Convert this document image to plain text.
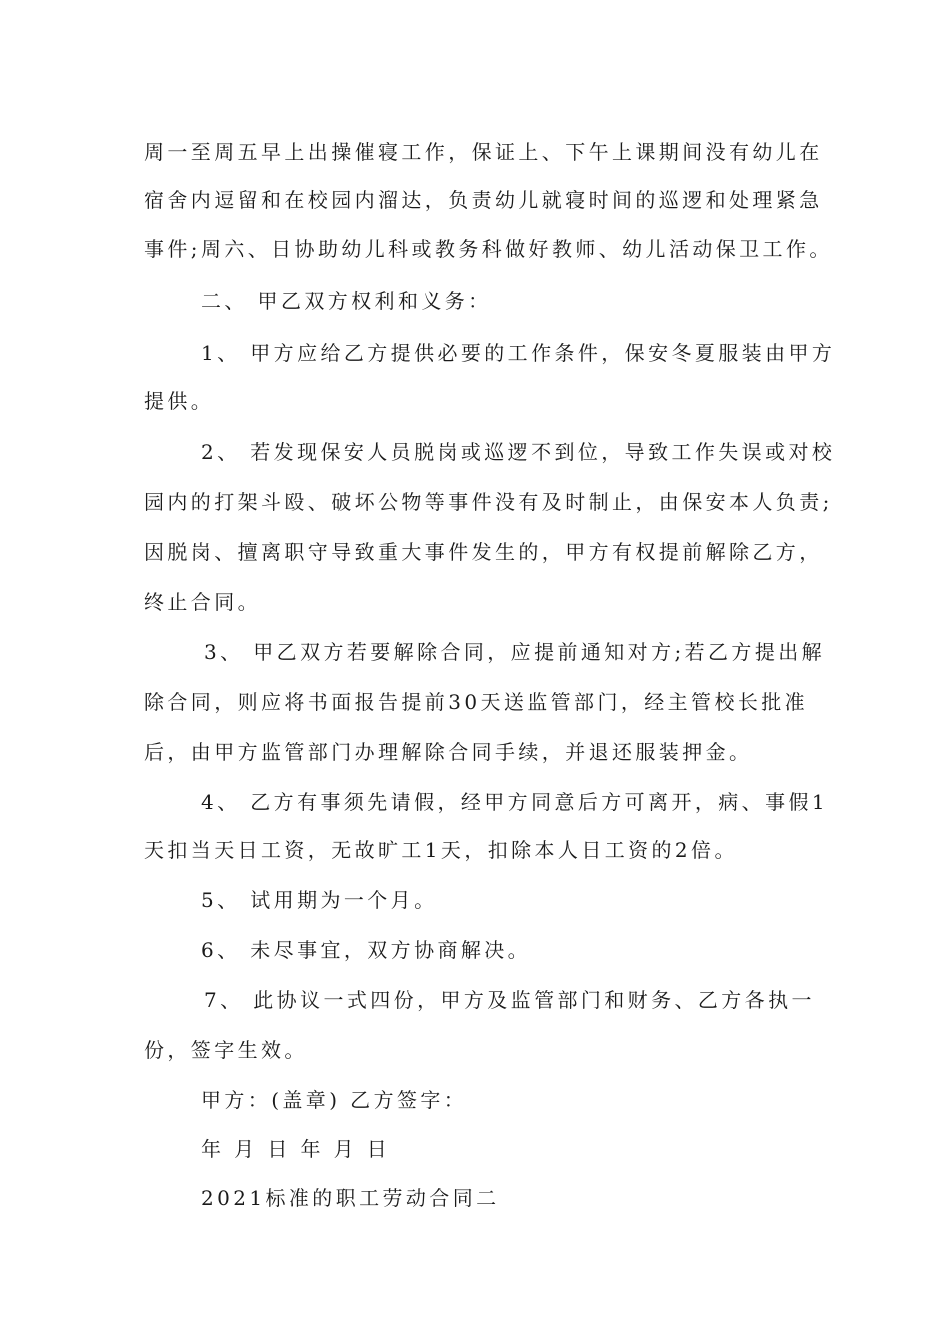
周一至周五早上出操催寝工作，保证上、下午上课期间没有幼儿在
宿舍内逗留和在校园内溜达，负责幼儿就寝时间的巡逻和处理紧急
事件;周六、日协助幼儿科或教务科做好教师、幼儿活动保卫工作。
二、 甲乙双方权利和义务：
1、 甲方应给乙方提供必要的工作条件，保安冬夏服装由甲方
提供。
2、 若发现保安人员脱岗或巡逻不到位，导致工作失误或对校
园内的打架斗殴、破坏公物等事件没有及时制止，由保安本人负责;
因脱岗、擅离职守导致重大事件发生的，甲方有权提前解除乙方，
终止合同。
3、 甲乙双方若要解除合同，应提前通知对方;若乙方提出解
除合同，则应将书面报告提前30天送监管部门，经主管校长批准
后，由甲方监管部门办理解除合同手续，并退还服装押金。
4、 乙方有事须先请假，经甲方同意后方可离开，病、事假1
天扣当天日工资，无故旷工1天，扣除本人日工资的2倍。
5、 试用期为一个月。
6、 未尽事宜，双方协商解决。
7、 此协议一式四份，甲方及监管部门和财务、乙方各执一
份，签字生效。
甲方：(盖章) 乙方签字：
年 月 日 年 月 日
2021标准的职工劳动合同二
